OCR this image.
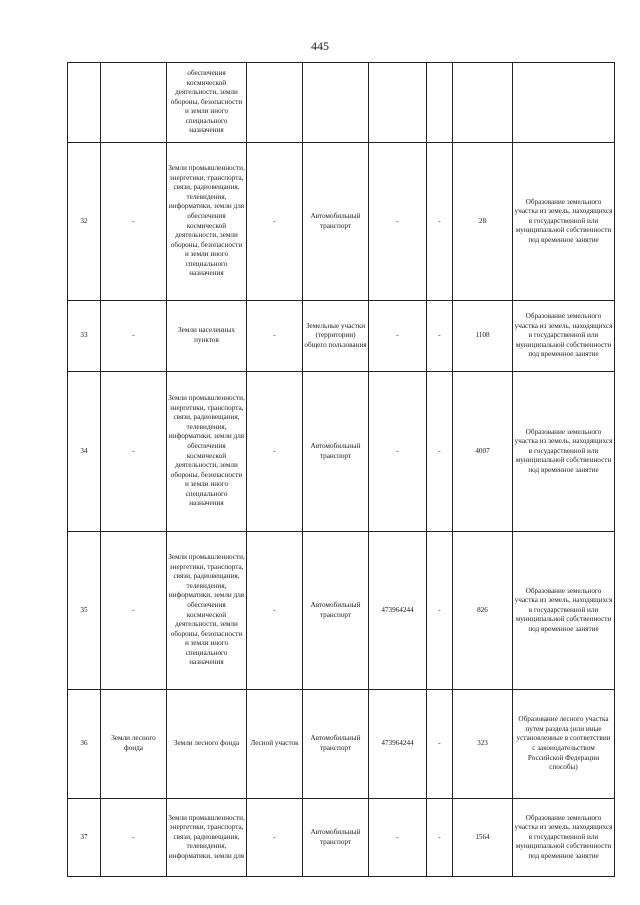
445
		обеспечения космической деятельности, земли обороны, безопасности и земли иного специального назначения						
32	-	Земли промышленности, энергетики, транспорта, связи, радиовещания, телевидения, информатики, земли для обеспечения космической деятельности, земли обороны, безопасности и земли иного специального назначения	-	Автомобильный транспорт	-	-	28	Образование земельного участка из земель, находящихся в государственной или муниципальной собственности под временное занятие
33	-	Земли населенных пунктов	-	Земельные участки (территории) общего пользования	-	-	1108	Образование земельного участка из земель, находящихся в государственной или муниципальной собственности под временное занятие
34	-	Земли промышленности, энергетики, транспорта, связи, радиовещания, телевидения, информатики, земли для обеспечения космической деятельности, земли обороны, безопасности и земли иного специального назначения	-	Автомобильный транспорт	-	-	4007	Образование земельного участка из земель, находящихся в государственной или муниципальной собственности под временное занятие
35	-	Земли промышленности, энергетики, транспорта, связи, радиовещания, телевидения, информатики, земли для обеспечения космической деятельности, земли обороны, безопасности и земли иного специального назначения	-	Автомобильный транспорт	473964244	-	826	Образование земельного участка из земель, находящихся в государственной или муниципальной собственности под временное занятие
36	Земли лесного фонда	Земли лесного фонда	Лесной участок	Автомобильный транспорт	473964244	-	323	Образование лесного участка путем раздела (или иные установленные в соответствии с законодательством Российской Федерации способы)
37	-	Земли промышленности, энергетики, транспорта, связи, радиовещания, телевидения, информатики, земли для	-	Автомобильный транспорт	-	-	1564	Образование земельного участка из земель, находящихся в государственной или муниципальной собственности под временное занятие
